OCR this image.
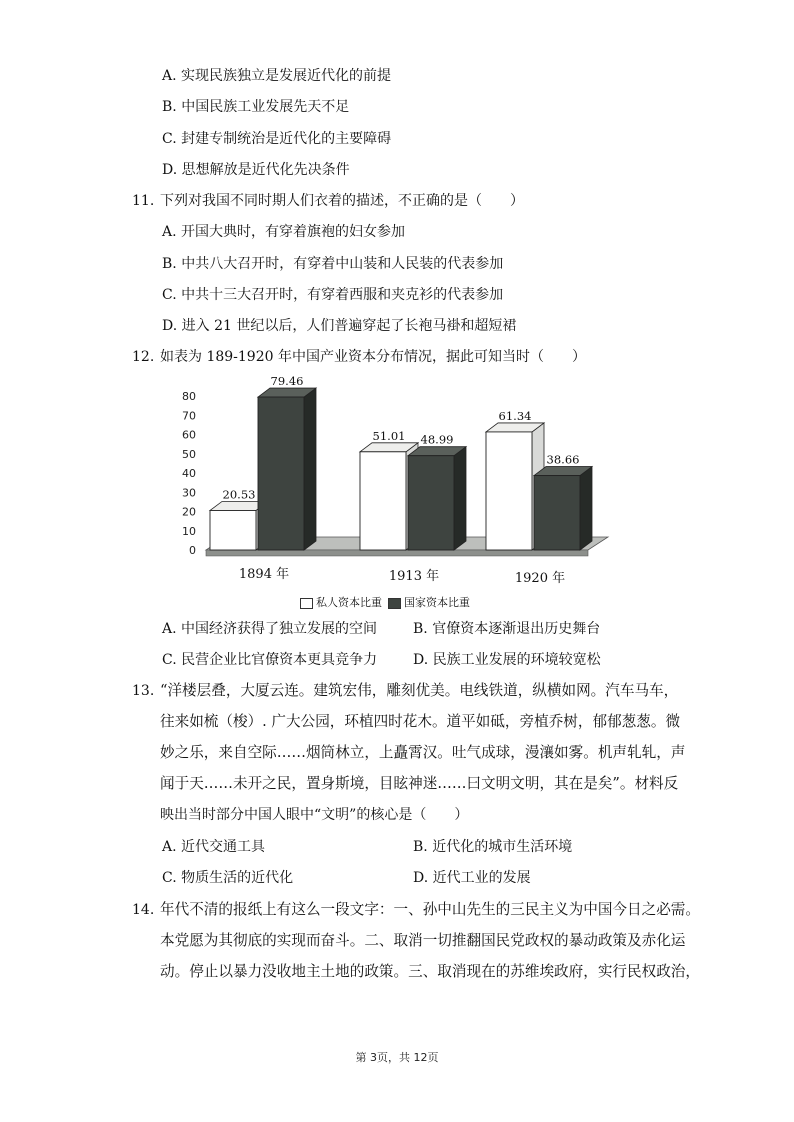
A. 实现民族独立是发展近代化的前提
B. 中国民族工业发展先天不足
C. 封建专制统治是近代化的主要障碍
D. 思想解放是近代化先决条件
11. 下列对我国不同时期人们衣着的描述，不正确的是（　　）
A. 开国大典时，有穿着旗袍的妇女参加
B. 中共八大召开时，有穿着中山装和人民装的代表参加
C. 中共十三大召开时，有穿着西服和夹克衫的代表参加
D. 进入 21 世纪以后，人们普遍穿起了长袍马褂和超短裙
12. 如表为 189-1920 年中国产业资本分布情况，据此可知当时（　　）
0
10
20
30
40
50
60
70
80
20.53
79.46
1894 年
51.01 48.99
1913 年
61.34
38.66
1920 年
私人资本比重	国家资本比重
A. 中国经济获得了独立发展的空间	B. 官僚资本逐渐退出历史舞台
C. 民营企业比官僚资本更具竞争力	D. 民族工业发展的环境较宽松
13. “洋楼层叠，大厦云连。建筑宏伟，雕刻优美。电线铁道，纵横如网。汽车马车，
往来如梳（梭）. 广大公园，环植四时花木。道平如砥，旁植乔树，郁郁葱葱。微
妙之乐，来自空际……烟筒林立，上矗霄汉。吐气成球，漫瀼如雾。机声轧轧，声
闻于天……未开之民，置身斯境，目眩神迷……曰文明文明，其在是矣”。材料反
映出当时部分中国人眼中“文明”的核心是（　　）
A. 近代交通工具	B. 近代化的城市生活环境
C. 物质生活的近代化	D. 近代工业的发展
14. 年代不清的报纸上有这么一段文字：一、孙中山先生的三民主义为中国今日之必需。
本党愿为其彻底的实现而奋斗。二、取消一切推翻国民党政权的暴动政策及赤化运
动。停止以暴力没收地主土地的政策。三、取消现在的苏维埃政府，实行民权政治，
第 3页，共 12页
